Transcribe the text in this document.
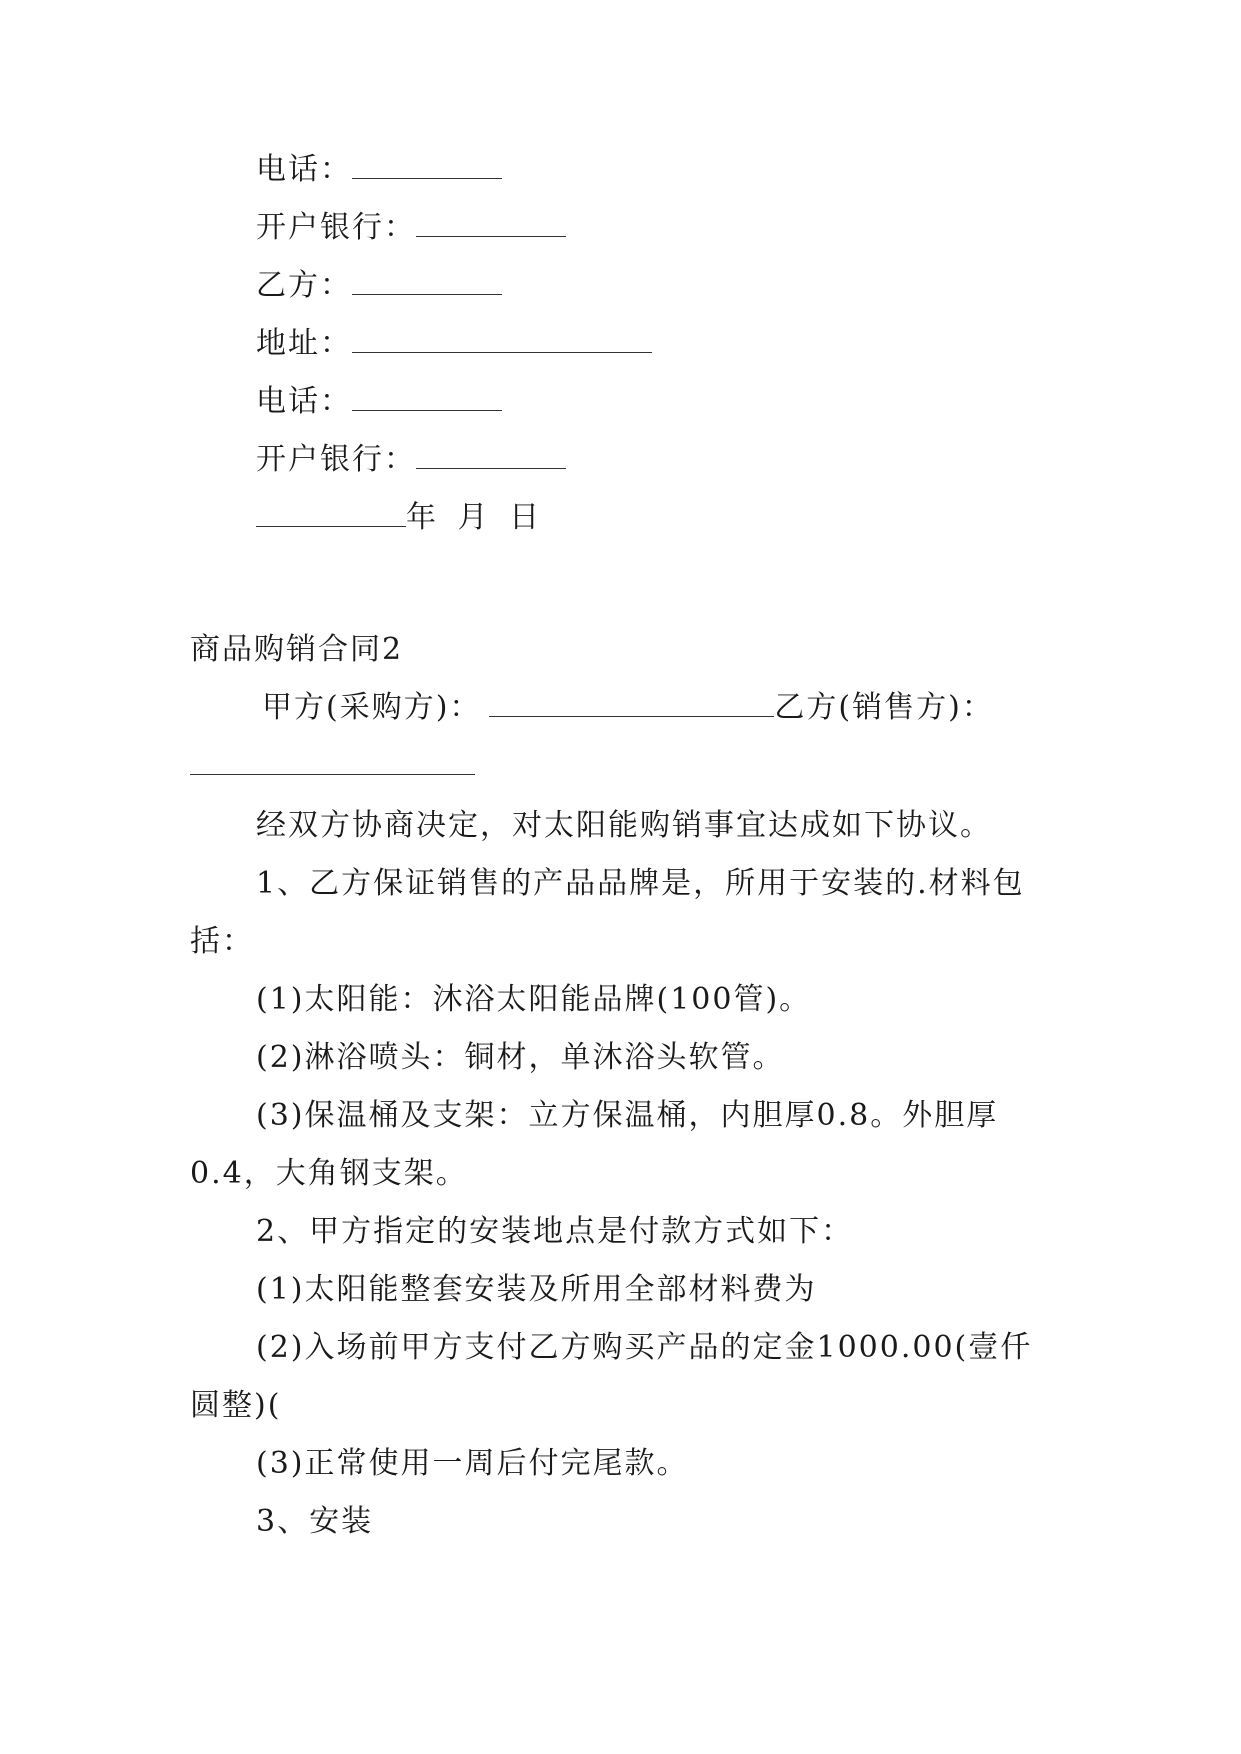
电话：
开户银行：
乙方：
地址：
电话：
开户银行：
年 月 日
商品购销合同2
甲方(采购方)：	乙方(销售方)：
经双方协商决定，对太阳能购销事宜达成如下协议。
1、乙方保证销售的产品品牌是，所用于安装的.材料包
括：
(1)太阳能：沐浴太阳能品牌(100管)。
(2)淋浴喷头：铜材，单沐浴头软管。
(3)保温桶及支架：立方保温桶，内胆厚0.8。外胆厚
0.4，大角钢支架。
2、甲方指定的安装地点是付款方式如下：
(1)太阳能整套安装及所用全部材料费为
(2)入场前甲方支付乙方购买产品的定金1000.00(壹仟
圆整)(
(3)正常使用一周后付完尾款。
3、安装
